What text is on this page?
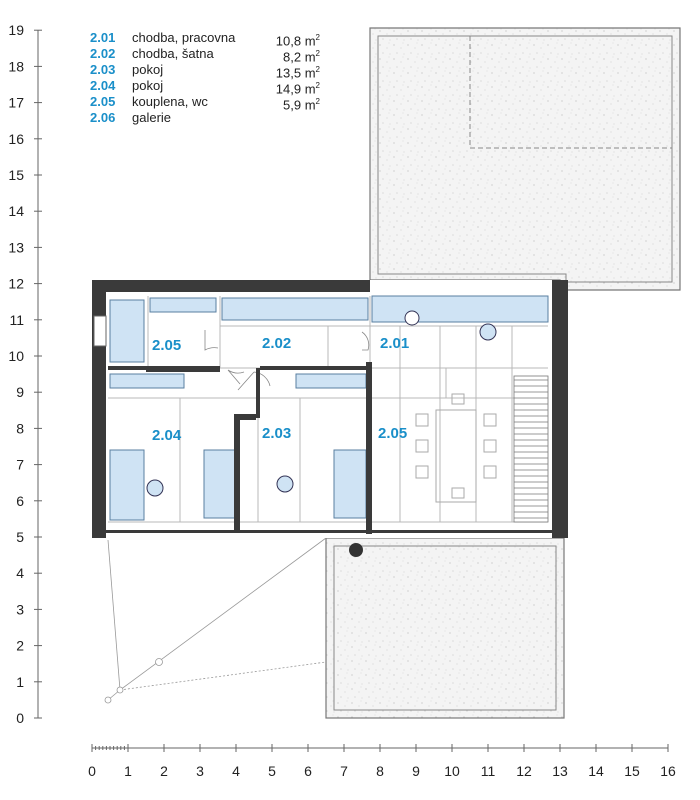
0
1
2
3
4
5
6
7
8
9
10
11
12
13
14
15
16
17
18
19
0 1 2 3 4 5 6 7 8 9 10 11 12 13 14 15 16
2.05	2.02	2.01
2.04	2.03	2.05
2.01 chodba, pracovna	10,8 $m^2$
2.02 chodba, šatna	8,2 $m^2$
2.03 pokoj	13,5 $m^2$
2.04 pokoj	14,9 $m^2$
2.05 kouplena, wc	5,9 $m^2$
2.06 galerie
